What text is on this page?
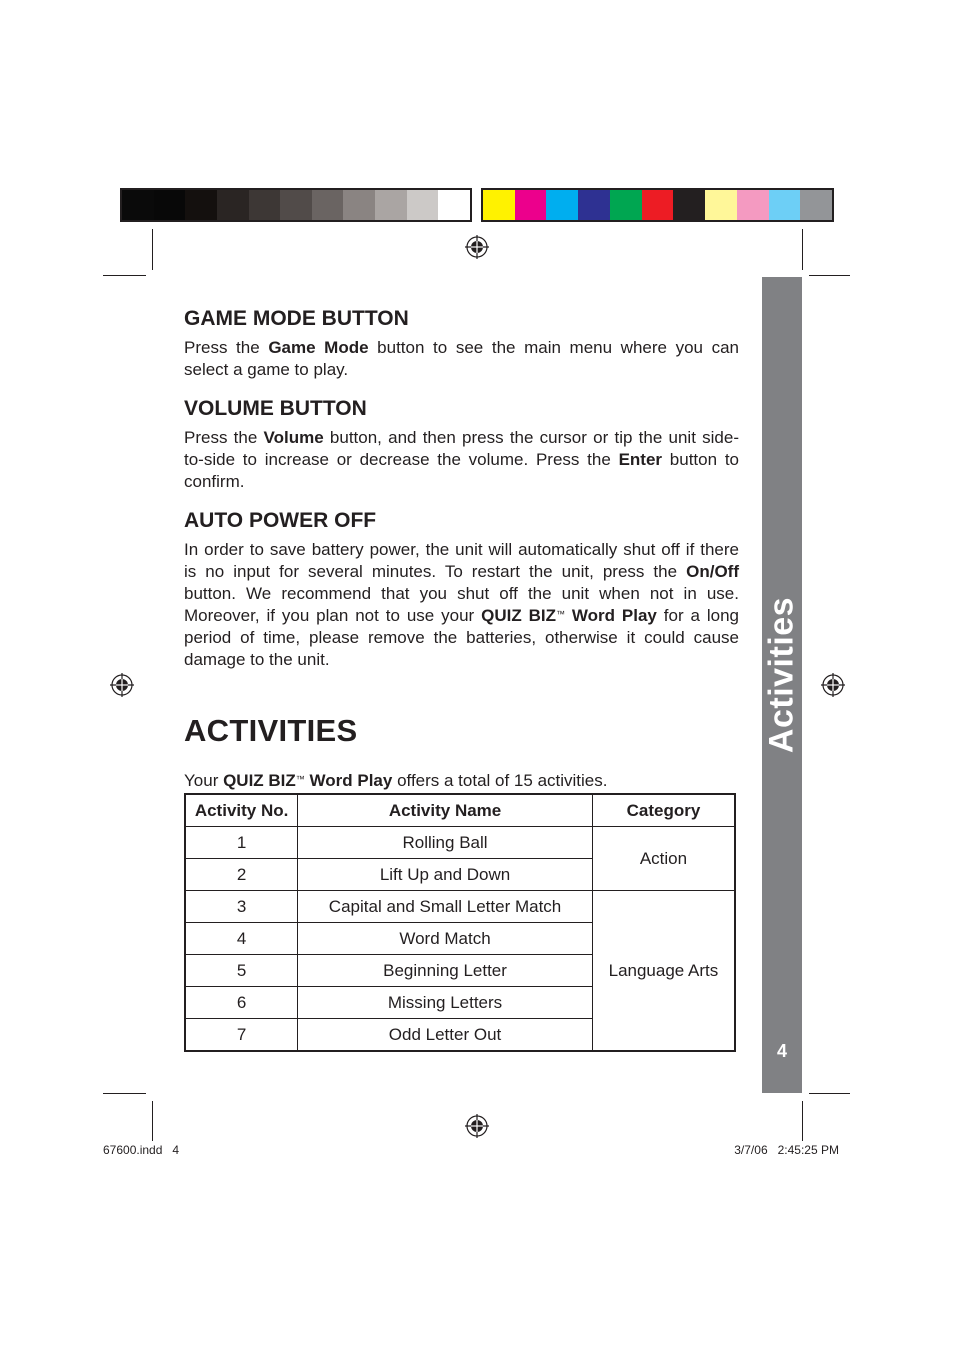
Activities
4
GAME MODE BUTTON

Press the Game Mode button to see the main menu where you can select a game to play.

VOLUME BUTTON

Press the Volume button, and then press the cursor or tip the unit side-to-side to increase or decrease the volume. Press the Enter button to confirm.

AUTO POWER OFF

In order to save battery power, the unit will automatically shut off if there is no input for several minutes. To restart the unit, press the On/Off button. We recommend that you shut off the unit when not in use. Moreover, if you plan not to use your QUIZ BIZ™ Word Play for a long period of time, please remove the batteries, otherwise it could cause damage to the unit.

ACTIVITIES

Your QUIZ BIZ™ Word Play offers a total of 15 activities.

Activity No.	Activity Name	Category
1	Rolling Ball	Action
2	Lift Up and Down	
3	Capital and Small Letter Match	Language Arts
4	Word Match	
5	Beginning Letter	
6	Missing Letters	
7	Odd Letter Out	
67600.indd   4	3/7/06   2:45:25 PM
